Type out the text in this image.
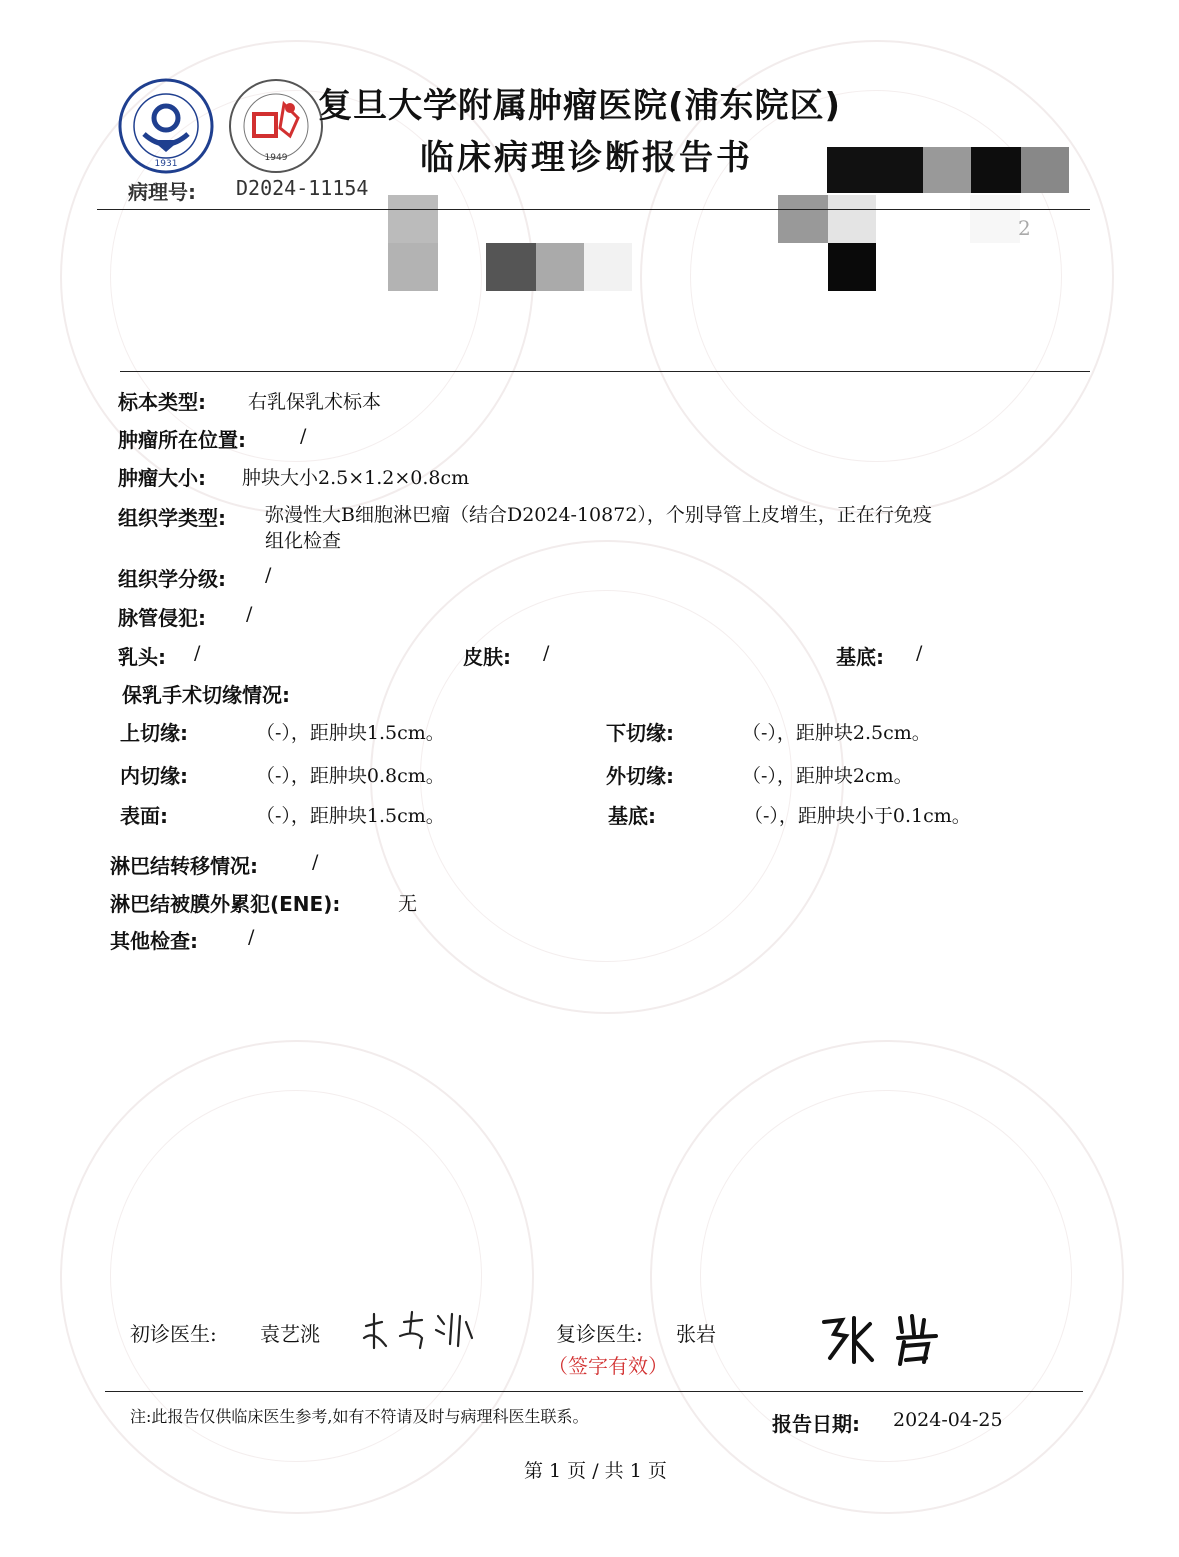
1931
1949
复旦大学附属肿瘤医院(浦东院区)
临床病理诊断报告书
病理号: D2024-11154
2
标本类型: 右乳保乳术标本
肿瘤所在位置:	/
肿瘤大小: 肿块大小2.5×1.2×0.8cm
组织学类型: 弥漫性大B细胞淋巴瘤（结合D2024-10872），个别导管上皮增生，正在行免疫
组化检查
组织学分级: /
脉管侵犯: /
乳头: /	皮肤: /	基底: /
保乳手术切缘情况:
上切缘:	（-），距肿块1.5cm。	下切缘:	（-），距肿块2.5cm。
内切缘:	（-），距肿块0.8cm。	外切缘:	（-），距肿块2cm。
表面:	（-），距肿块1.5cm。	基底:	（-），距肿块小于0.1cm。
淋巴结转移情况:	/
淋巴结被膜外累犯(ENE):	无
其他检查:	/
初诊医生: 袁艺洮	复诊医生: 张岩
（签字有效）
注:此报告仅供临床医生参考,如有不符请及时与病理科医生联系。	报告日期: 2024-04-25
第 1 页 / 共 1 页
